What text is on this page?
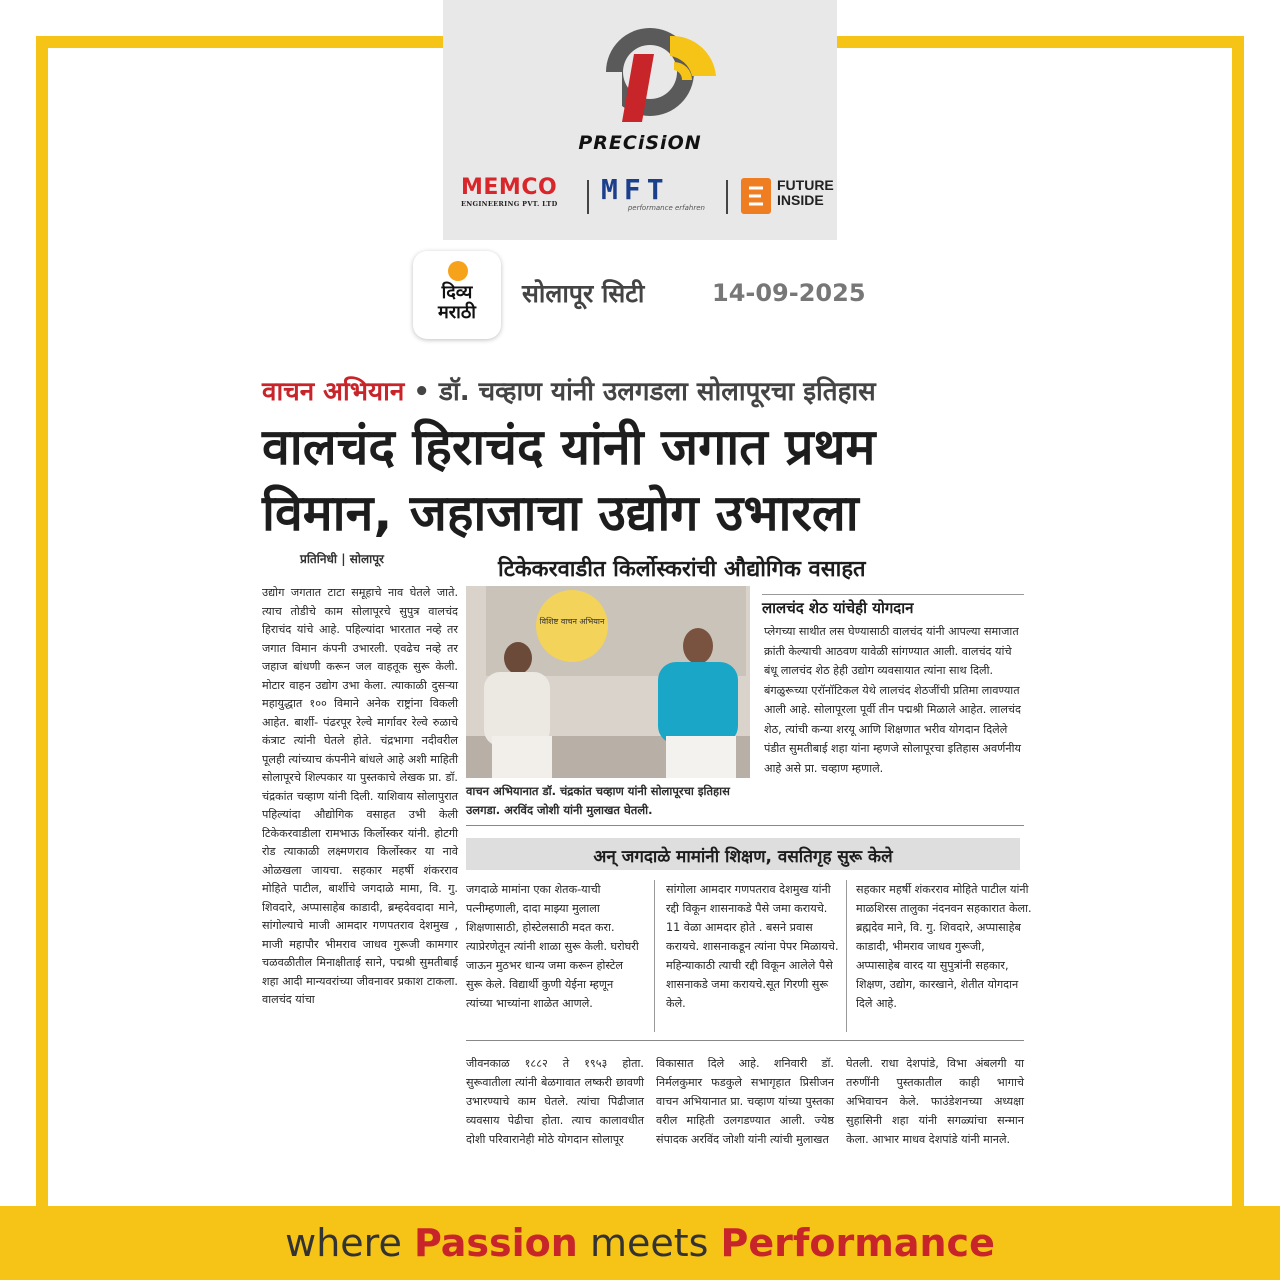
PRECiSiON
MEMCO
ENGINEERING PVT. LTD	MFT
performance erfahren
FUTURE
INSIDE
दिव्य
मराठी
सोलापूर सिटी	14-09-2025
वाचन अभियान • डॉ. चव्हाण यांनी उलगडला सोलापूरचा इतिहास
वालचंद हिराचंद यांनी जगात प्रथम विमान, जहाजाचा उद्योग उभारला
प्रतिनिधी | सोलापूर	टिकेकरवाडीत किर्लोस्करांची औद्योगिक वसाहत
उद्योग जगतात टाटा समूहाचे नाव घेतले जाते. त्याच तोडीचे काम सोलापूरचे सुपुत्र वालचंद हिराचंद यांचे आहे. पहिल्यांदा भारतात नव्हे तर जगात विमान कंपनी उभारली. एवढेच नव्हे तर जहाज बांधणी करून जल वाहतूक सुरू केली. मोटार वाहन उद्योग उभा केला. त्याकाळी दुसऱ्या महायुद्धात १०० विमाने अनेक राष्ट्रांना विकली आहेत. बार्शी- पंढरपूर रेल्वे मार्गावर रेल्वे रुळाचे कंत्राट त्यांनी घेतले होते. चंद्रभागा नदीवरील पूलही त्यांच्याच कंपनीने बांधले आहे अशी माहिती सोलापूरचे शिल्पकार या पुस्तकाचे लेखक प्रा. डॉ. चंद्रकांत चव्हाण यांनी दिली. याशिवाय सोलापुरात पहिल्यांदा औद्योगिक वसाहत उभी केली टिकेकरवाडीला रामभाऊ किर्लोस्कर यांनी. होटगी रोड त्याकाळी लक्ष्मणराव किर्लोस्कर या नावे ओळखला जायचा. सहकार महर्षी शंकरराव मोहिते पाटील, बार्शीचे जगदाळे मामा, वि. गु. शिवदारे, अप्पासाहेब काडादी, ब्रम्हदेवदादा माने, सांगोल्याचे माजी आमदार गणपतराव देशमुख , माजी महापौर भीमराव जाधव गुरूजी कामगार चळवळीतील मिनाक्षीताई साने, पद्मश्री सुमतीबाई शहा आदी मान्यवरांच्या जीवनावर प्रकाश टाकला. वालचंद यांचा
विशिष्ट वाचन अभियान
वाचन अभियानात डॉ. चंद्रकांत चव्हाण यांनी सोलापूरचा इतिहास उलगडा. अरविंद जोशी यांनी मुलाखत घेतली.
लालचंद शेठ यांचेही योगदान
प्लेगच्या साथीत लस घेण्यासाठी वालचंद यांनी आपल्या समाजात क्रांती केल्याची आठवण यावेळी सांगण्यात आली. वालचंद यांचे बंधू लालचंद शेठ हेही उद्योग व्यवसायात त्यांना साथ दिली. बंगळुरूच्या एरॉनॉटिकल येथे लालचंद शेठजींची प्रतिमा लावण्यात आली आहे. सोलापूरला पूर्वी तीन पद्मश्री मिळाले आहेत. लालचंद शेठ, त्यांची कन्या शरयू आणि शिक्षणात भरीव योगदान दिलेले पंडीत सुमतीबाई शहा यांना म्हणजे सोलापूरचा इतिहास अवर्णनीय आहे असे प्रा. चव्हाण म्हणाले.
अन् जगदाळे मामांनी शिक्षण, वसतिगृह सुरू केले
जगदाळे मामांना एका शेतक-याची पत्नीम्हणाली, दादा माझ्या मुलाला शिक्षणासाठी, होस्टेलसाठी मदत करा. त्याप्रेरणेतून त्यांनी शाळा सुरू केली. घरोघरी जाऊन मुठभर धान्य जमा करून होस्टेल सुरू केले. विद्यार्थी कुणी येईना म्हणून त्यांच्या भाच्यांना शाळेत आणले.
सांगोला आमदार गणपतराव देशमुख यांनी रद्दी विकून शासनाकडे पैसे जमा करायचे. 11 वेळा आमदार होते . बसने प्रवास करायचे. शासनाकडून त्यांना पेपर मिळायचे. महिन्याकाठी त्याची रद्दी विकून आलेले पैसे शासनाकडे जमा करायचे.सूत गिरणी सुरू केले.
सहकार महर्षी शंकरराव मोहिते पाटील यांनी माळशिरस तालुका नंदनवन सहकारात केला. ब्रह्मदेव माने, वि. गु. शिवदारे, अप्पासाहेब काडादी, भीमराव जाधव गुरूजी, अप्पासाहेब वारद या सुपुत्रांनी सहकार, शिक्षण, उद्योग, कारखाने, शेतीत योगदान दिले आहे.
जीवनकाळ १८८२ ते १९५३ होता. सुरूवातीला त्यांनी बेळगावात लष्करी छावणी उभारण्याचे काम घेतले. त्यांचा पिढीजात व्यवसाय पेढीचा होता. त्याच कालावधीत दोशी परिवारानेही मोठे योगदान सोलापूर
विकासात दिले आहे. शनिवारी डॉ. निर्मलकुमार फडकुले सभागृहात प्रिसीजन वाचन अभियानात प्रा. चव्हाण यांच्या पुस्तका वरील माहिती उलगडण्यात आली. ज्येष्ठ संपादक अरविंद जोशी यांनी त्यांची मुलाखत
घेतली. राधा देशपांडे, विभा अंबलगी या तरुणींनी पुस्तकातील काही भागाचे अभिवाचन केले. फाउंडेशनच्या अध्यक्षा सुहासिनी शहा यांनी सगळ्यांचा सन्मान केला. आभार माधव देशपांडे यांनी मानले.
where Passion meets Performance
